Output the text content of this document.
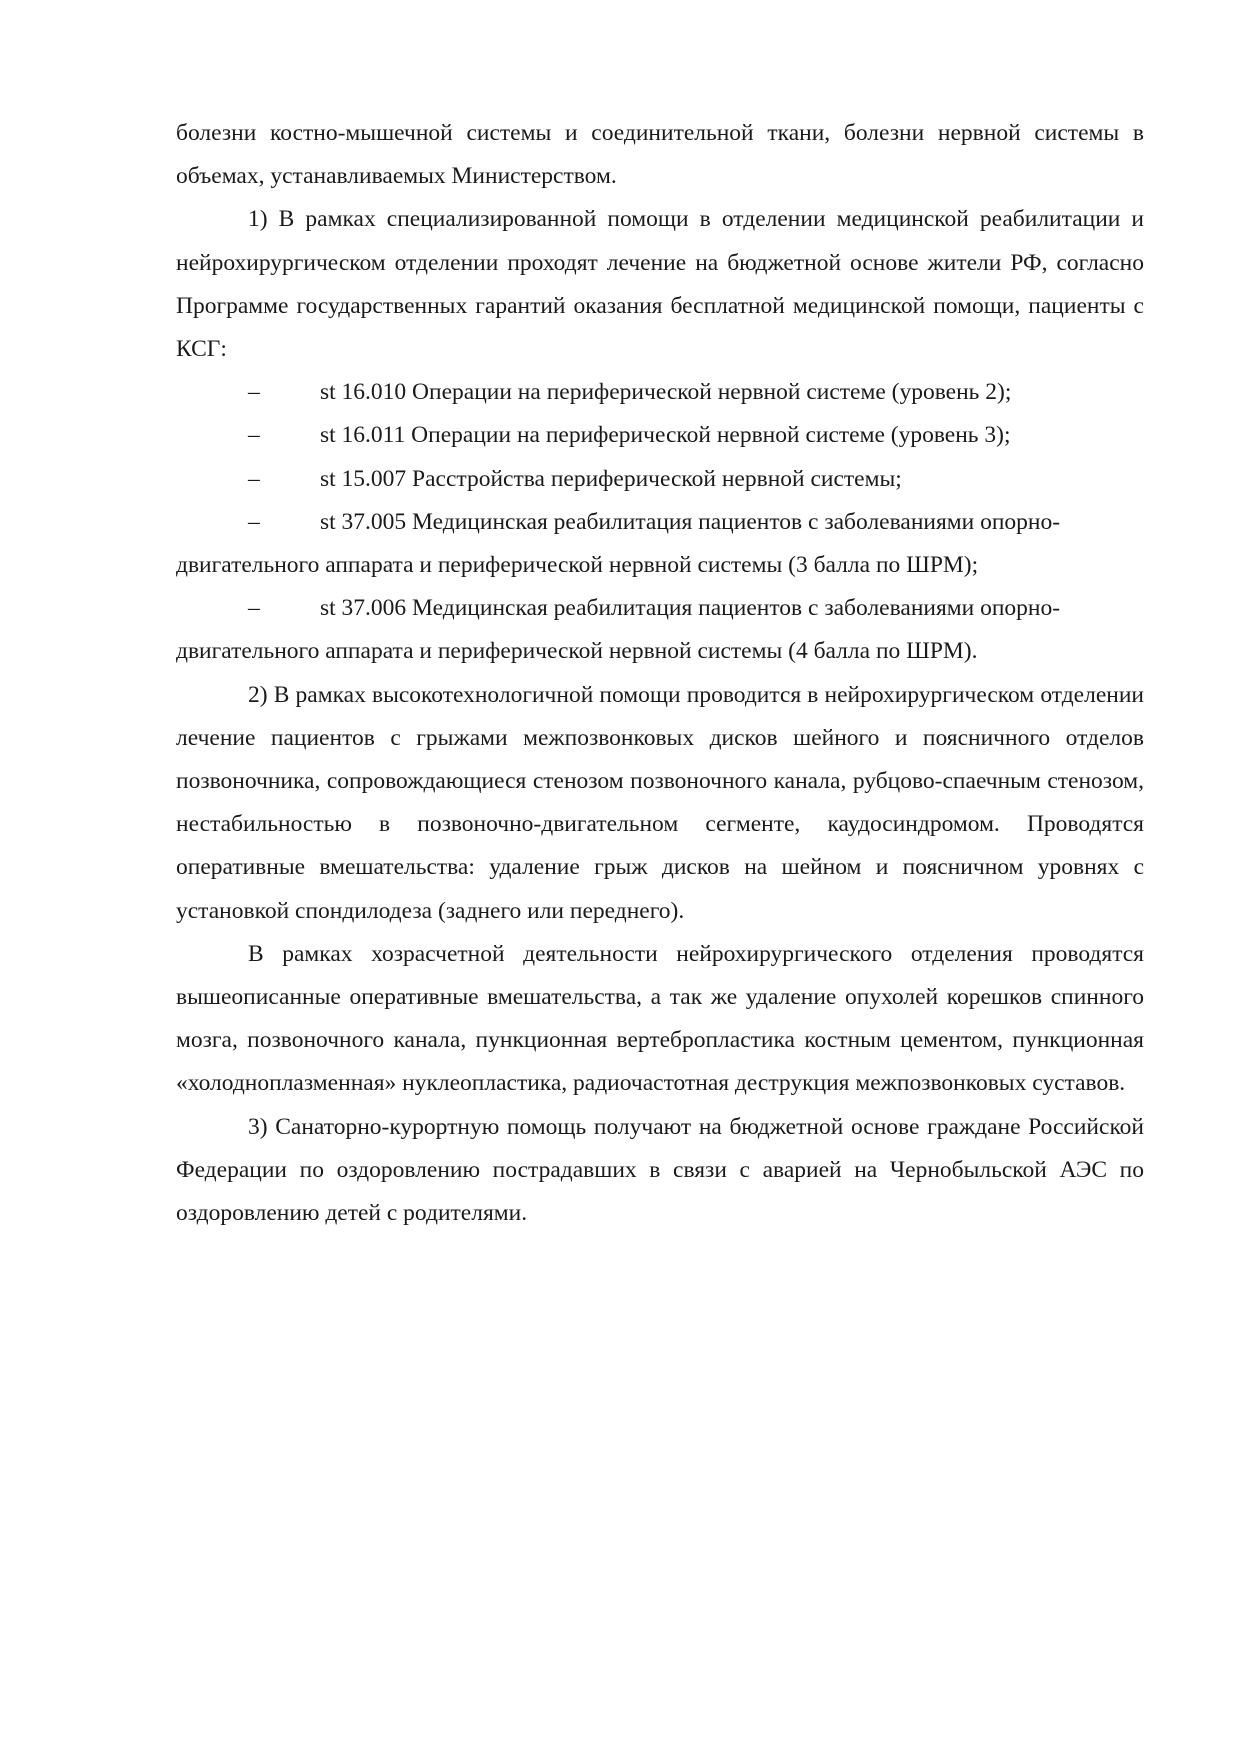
болезни костно-мышечной системы и соединительной ткани, болезни нервной системы в объемах, устанавливаемых Министерством.

1) В рамках специализированной помощи в отделении медицинской реабилитации и нейрохирургическом отделении проходят лечение на бюджетной основе жители РФ, согласно Программе государственных гарантий оказания бесплатной медицинской помощи, пациенты с КСГ:

–	st 16.010 Операции на периферической нервной системе (уровень 2);

–	st 16.011 Операции на периферической нервной системе (уровень 3);

–	st 15.007 Расстройства периферической нервной системы;

–	st 37.005 Медицинская реабилитация пациентов с заболеваниями опорно-двигательного аппарата и периферической нервной системы (3 балла по ШРМ);

–	st 37.006 Медицинская реабилитация пациентов с заболеваниями опорно-двигательного аппарата и периферической нервной системы (4 балла по ШРМ).

2) В рамках высокотехнологичной помощи проводится в нейрохирургическом отделении лечение пациентов с грыжами межпозвонковых дисков шейного и поясничного отделов позвоночника, сопровождающиеся стенозом позвоночного канала, рубцово-спаечным стенозом, нестабильностью в позвоночно-двигательном сегменте, каудосиндромом. Проводятся оперативные вмешательства: удаление грыж дисков на шейном и поясничном уровнях с установкой спондилодеза (заднего или переднего).

В рамках хозрасчетной деятельности нейрохирургического отделения проводятся вышеописанные оперативные вмешательства, а так же удаление опухолей корешков спинного мозга, позвоночного канала, пункционная вертебропластика костным цементом, пункционная «холодноплазменная» нуклеопластика, радиочастотная деструкция межпозвонковых суставов.

3) Санаторно-курортную помощь получают на бюджетной основе граждане Российской Федерации по оздоровлению пострадавших в связи с аварией на Чернобыльской АЭС по оздоровлению детей с родителями.
